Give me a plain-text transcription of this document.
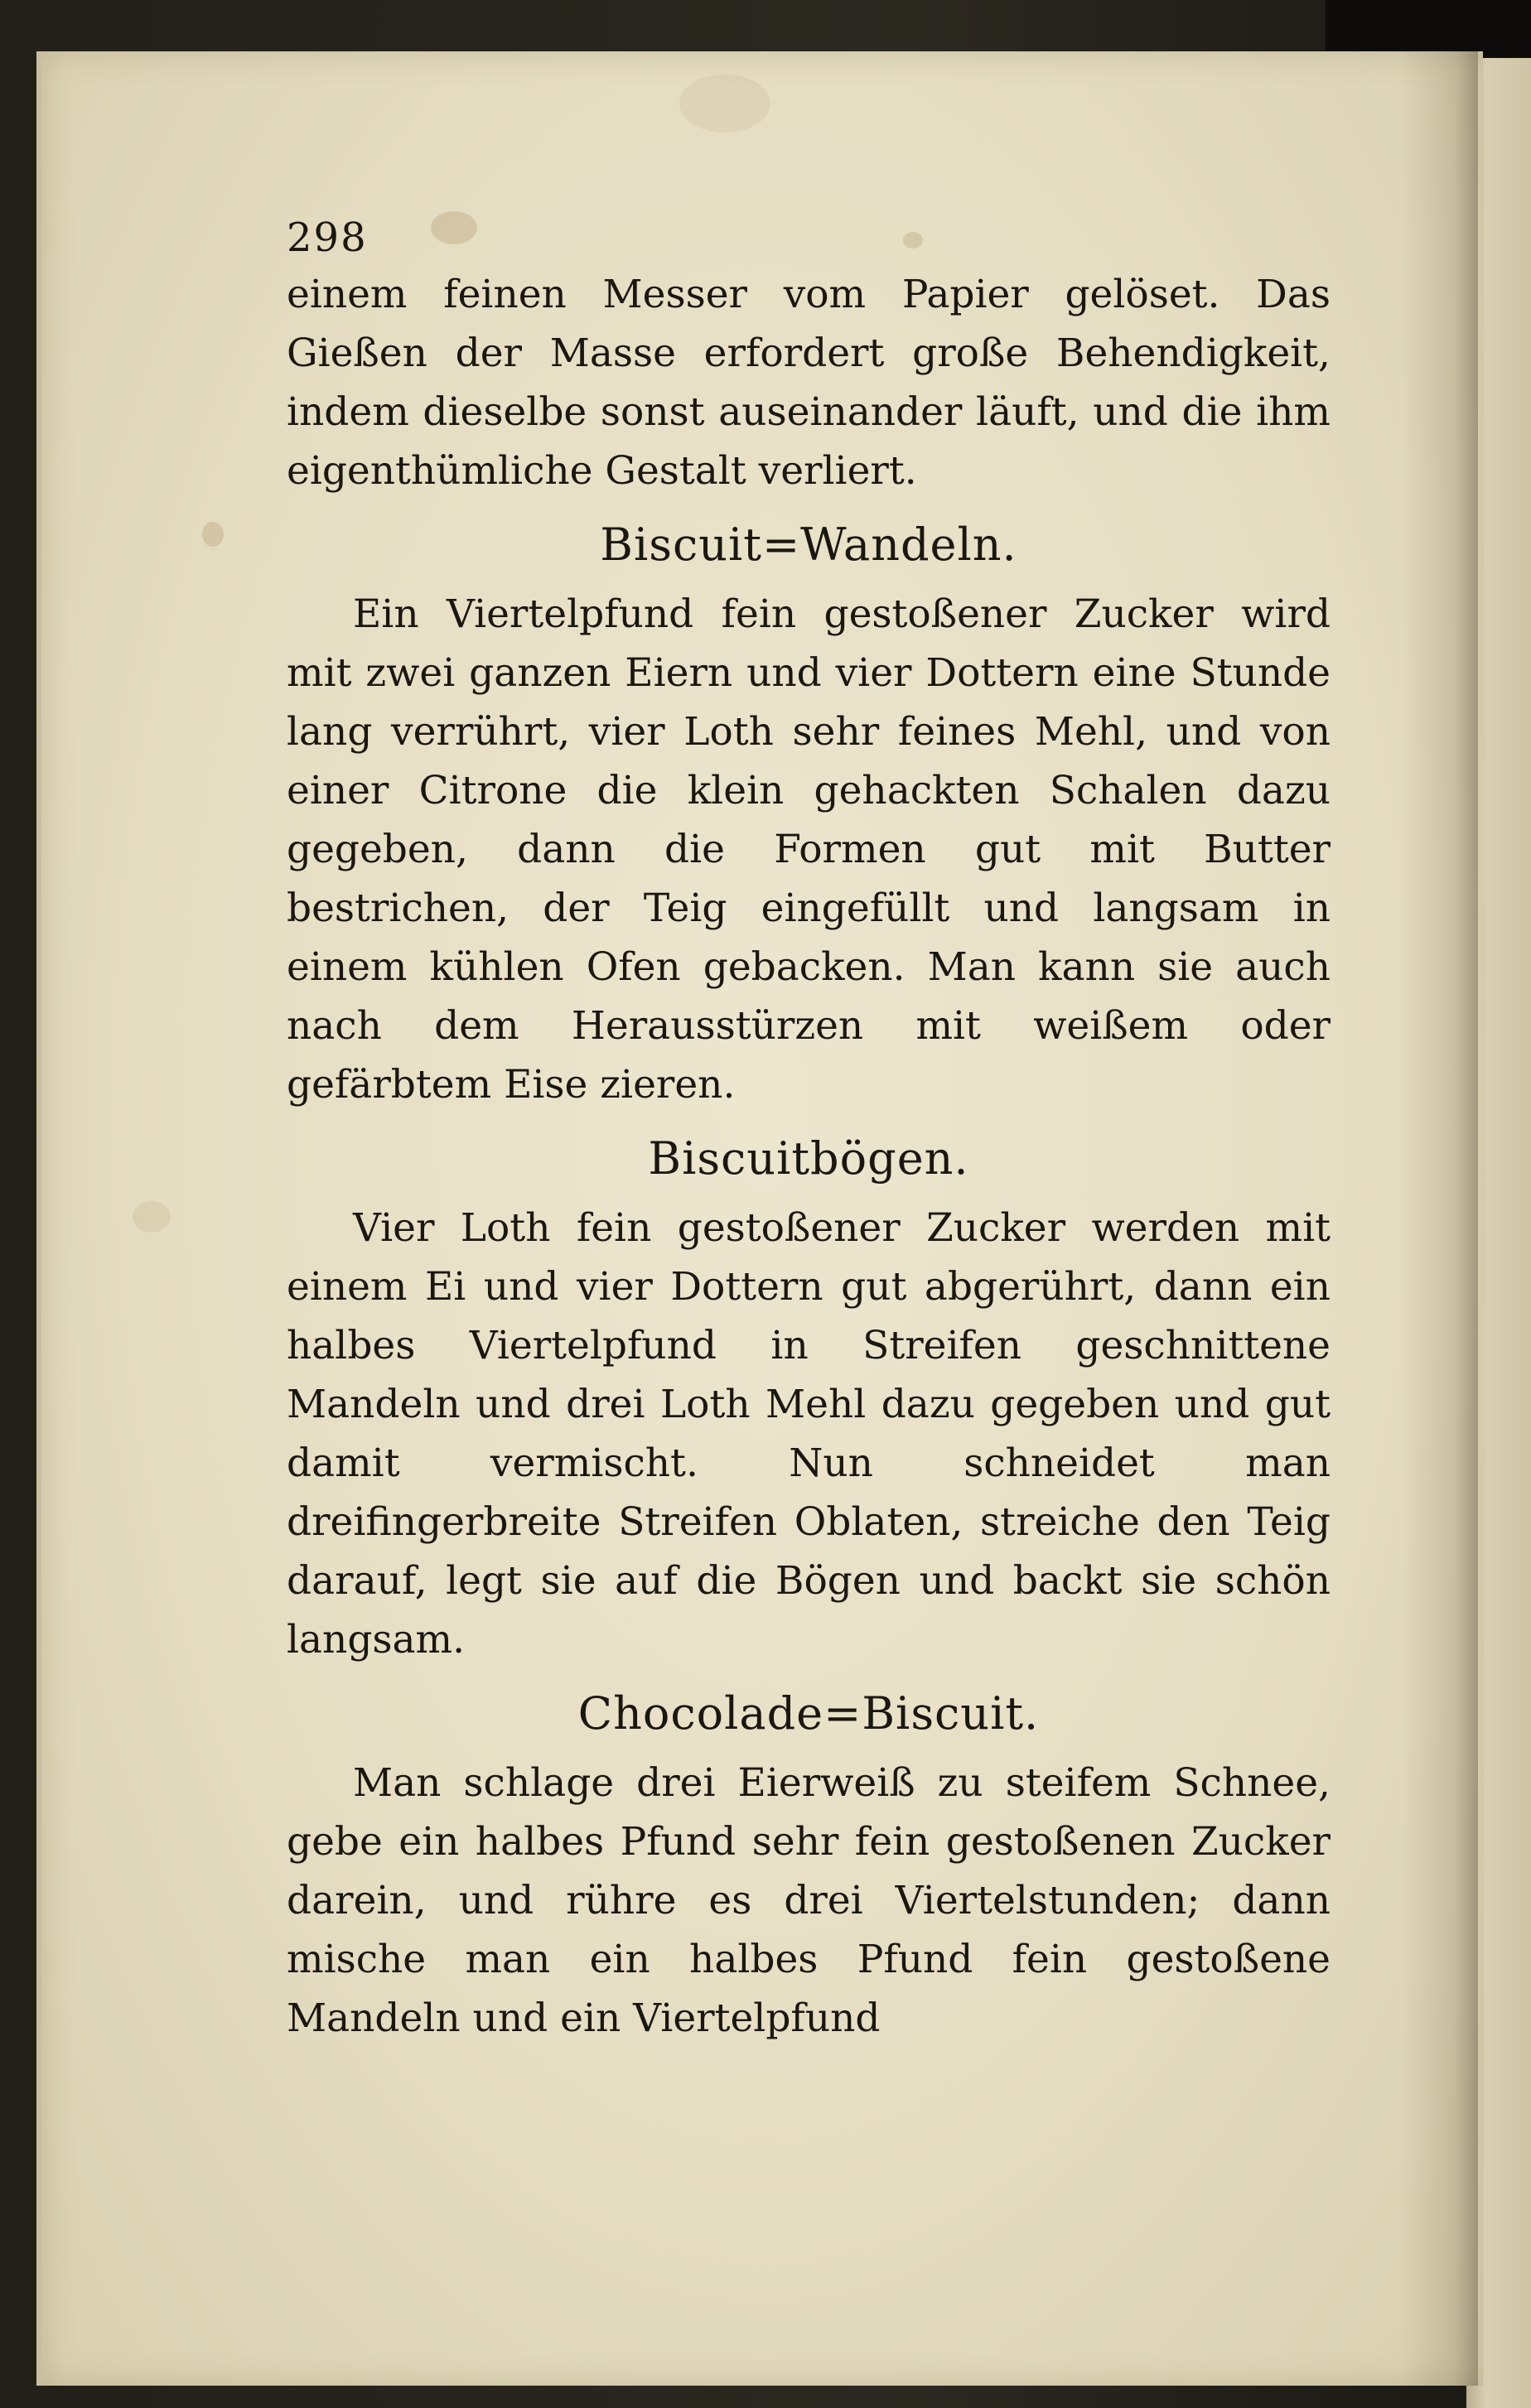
298

einem feinen Messer vom Papier gelöset. Das Gießen der Masse erfordert große Behendigkeit, indem dieselbe sonst auseinander läuft, und die ihm eigenthümliche Gestalt verliert.

Biscuit=Wandeln.

Ein Viertelpfund fein gestoßener Zucker wird mit zwei ganzen Eiern und vier Dottern eine Stunde lang verrührt, vier Loth sehr feines Mehl, und von einer Citrone die klein gehackten Schalen dazu gegeben, dann die Formen gut mit Butter bestrichen, der Teig eingefüllt und langsam in einem kühlen Ofen gebacken. Man kann sie auch nach dem Herausstürzen mit weißem oder gefärbtem Eise zieren.

Biscuitbögen.

Vier Loth fein gestoßener Zucker werden mit einem Ei und vier Dottern gut abgerührt, dann ein halbes Viertelpfund in Streifen geschnittene Mandeln und drei Loth Mehl dazu gegeben und gut damit vermischt. Nun schneidet man dreifingerbreite Streifen Oblaten, streiche den Teig darauf, legt sie auf die Bögen und backt sie schön langsam.

Chocolade=Biscuit.

Man schlage drei Eierweiß zu steifem Schnee, gebe ein halbes Pfund sehr fein gestoßenen Zucker darein, und rühre es drei Viertelstunden; dann mische man ein halbes Pfund fein gestoßene Mandeln und ein Viertelpfund
